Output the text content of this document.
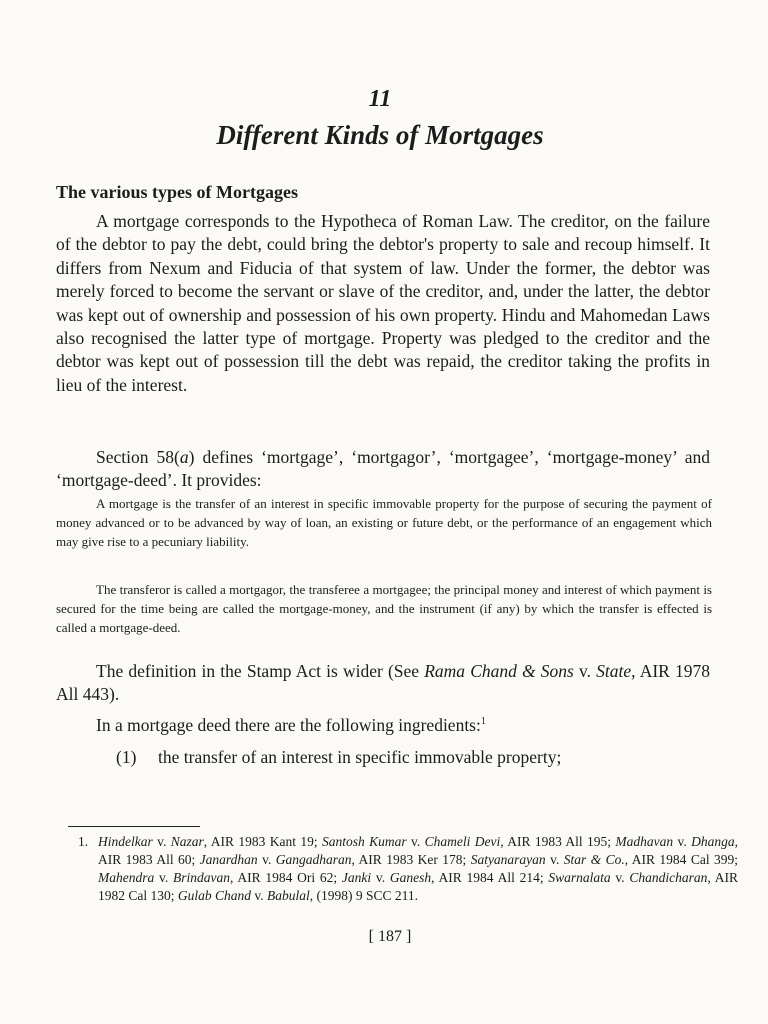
11
Different Kinds of Mortgages
The various types of Mortgages

A mortgage corresponds to the Hypotheca of Roman Law. The creditor, on the failure of the debtor to pay the debt, could bring the debtor's property to sale and recoup himself. It differs from Nexum and Fiducia of that system of law. Under the former, the debtor was merely forced to become the servant or slave of the creditor, and, under the latter, the debtor was kept out of ownership and possession of his own property. Hindu and Mahomedan Laws also recognised the latter type of mortgage. Property was pledged to the creditor and the debtor was kept out of possession till the debt was repaid, the creditor taking the profits in lieu of the interest.

Section 58(a) defines ‘mortgage’, ‘mortgagor’, ‘mortgagee’, ‘mortgage-money’ and ‘mortgage-deed’. It provides:

A mortgage is the transfer of an interest in specific immovable property for the purpose of securing the payment of money advanced or to be advanced by way of loan, an existing or future debt, or the performance of an engagement which may give rise to a pecuniary liability.

The transferor is called a mortgagor, the transferee a mortgagee; the principal money and interest of which payment is secured for the time being are called the mortgage-money, and the instrument (if any) by which the transfer is effected is called a mortgage-deed.

The definition in the Stamp Act is wider (See Rama Chand & Sons v. State, AIR 1978 All 443).

In a mortgage deed there are the following ingredients:$^1$

(1) the transfer of an interest in specific immovable property;
1. Hindelkar v. Nazar, AIR 1983 Kant 19; Santosh Kumar v. Chameli Devi, AIR 1983 All 195; Madhavan v. Dhanga, AIR 1983 All 60; Janardhan v. Gangadharan, AIR 1983 Ker 178; Satyanarayan v. Star & Co., AIR 1984 Cal 399; Mahendra v. Brindavan, AIR 1984 Ori 62; Janki v. Ganesh, AIR 1984 All 214; Swarnalata v. Chandicharan, AIR 1982 Cal 130; Gulab Chand v. Babulal, (1998) 9 SCC 211.
[ 187 ]
